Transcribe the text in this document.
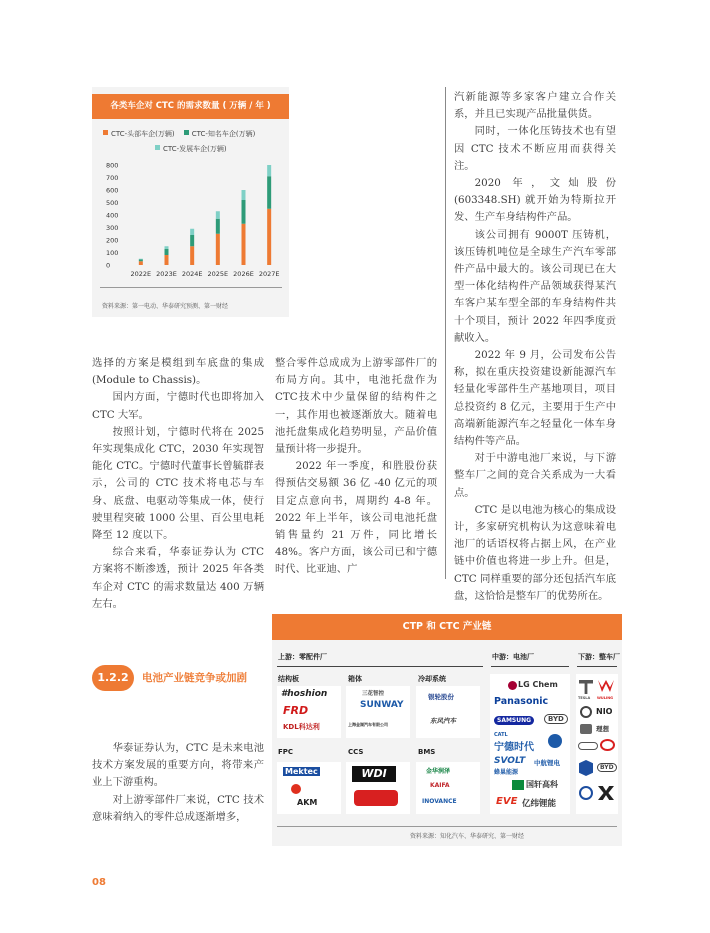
各类车企对 CTC 的需求数量 ( 万辆 / 年 )
CTC-头部车企(万辆) CTC-知名车企(万辆)
CTC-发展车企(万辆)
0
100
200
300
400
500
600
700
800
2022E 2023E 2024E 2025E 2026E 2027E
资料来源：第一电动、华泰研究预测、第一财经

选择的方案是模组到车底盘的集成(Module to Chassis)。

国内方面，宁德时代也即将加入 CTC 大军。

按照计划，宁德时代将在 2025 年实现集成化 CTC，2030 年实现智能化 CTC。宁德时代董事长曾毓群表示，公司的 CTC 技术将电芯与车身、底盘、电驱动等集成一体，使行驶里程突破 1000 公里、百公里电耗降至 12 度以下。

综合来看，华泰证券认为 CTC 方案将不断渗透，预计 2025 年各类车企对 CTC 的需求数量达 400 万辆左右。

1.2.2	电池产业链竞争或加剧

华泰证券认为，CTC 是未来电池技术方案发展的重要方向，将带来产业上下游重构。

对上游零部件厂来说，CTC 技术意味着纳入的零件总成逐渐增多，

整合零件总成成为上游零部件厂的布局方向。其中，电池托盘作为 CTC技术中少量保留的结构件之一，其作用也被逐渐放大。随着电池托盘集成化趋势明显，产品价值量预计将一步提升。

2022 年一季度，和胜股份获得预估交易额 36 亿 -40 亿元的项目定点意向书，周期约 4-8 年。2022 年上半年，该公司电池托盘销售量约 21 万件，同比增长 48%。客户方面，该公司已和宁德时代、比亚迪、广

汽新能源等多家客户建立合作关系，并且已实现产品批量供货。

同时，一体化压铸技术也有望因 CTC 技术不断应用而获得关注。

2020 年，文灿股份 (603348.SH) 就开始为特斯拉开发、生产车身结构件产品。

该公司拥有 9000T 压铸机，该压铸机吨位是全球生产汽车零部件产品中最大的。该公司现已在大型一体化结构件产品领域获得某汽车客户某车型全部的车身结构件共十个项目，预计 2022 年四季度贡献收入。

2022 年 9 月，公司发布公告称，拟在重庆投资建设新能源汽车轻量化零部件生产基地项目，项目总投资约 8 亿元，主要用于生产中高端新能源汽车之轻量化一体车身结构件等产品。

对于中游电池厂来说，与下游整车厂之间的竞合关系成为一大看点。

CTC 是以电池为核心的集成设计，多家研究机构认为这意味着电池厂的话语权将占据上风，在产业链中价值也将进一步上升。但是，CTC 同样重要的部分还包括汽车底盘，这恰恰是整车厂的优势所在。

CTP 和 CTC 产业链
上游：零配件厂	中游：电池厂	下游：整车厂
结构板	箱体	冷却系统
#hoshion
FRD
KDL科达利
三花智控
SUNWAY
上海金湖汽车有限公司
银轮股份
东风汽车
FPC	CCS	BMS
Mektec
AKM
WDI	金华润泽
KAIFA
INOVANCE
LG Chem
Panasonic
SAMSUNG	BYD
CATL
宁德时代
SVOLT
蜂巢能源
中航锂电
国轩高科
EVE 亿纬锂能
TESLA WULING
NIO
理想
BYD
资料来源：知化汽车、华泰研究、第一财经
08
